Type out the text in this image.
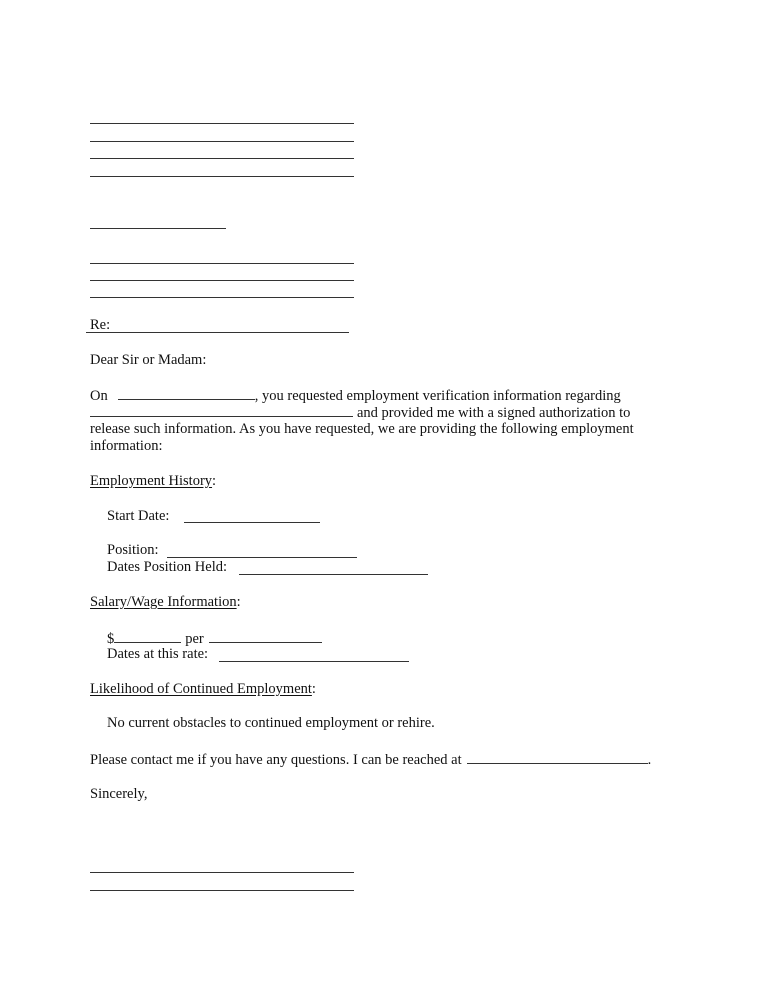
Re:
Dear Sir or Madam:
On	, you requested employment verification information regarding
and provided me with a signed authorization to
release such information. As you have requested, we are providing the following employment
information:
Employment History:
Start Date:
Position:
Dates Position Held:
Salary/Wage Information:
$	per
Dates at this rate:
Likelihood of Continued Employment:
No current obstacles to continued employment or rehire.
Please contact me if you have any questions. I can be reached at	.
Sincerely,
